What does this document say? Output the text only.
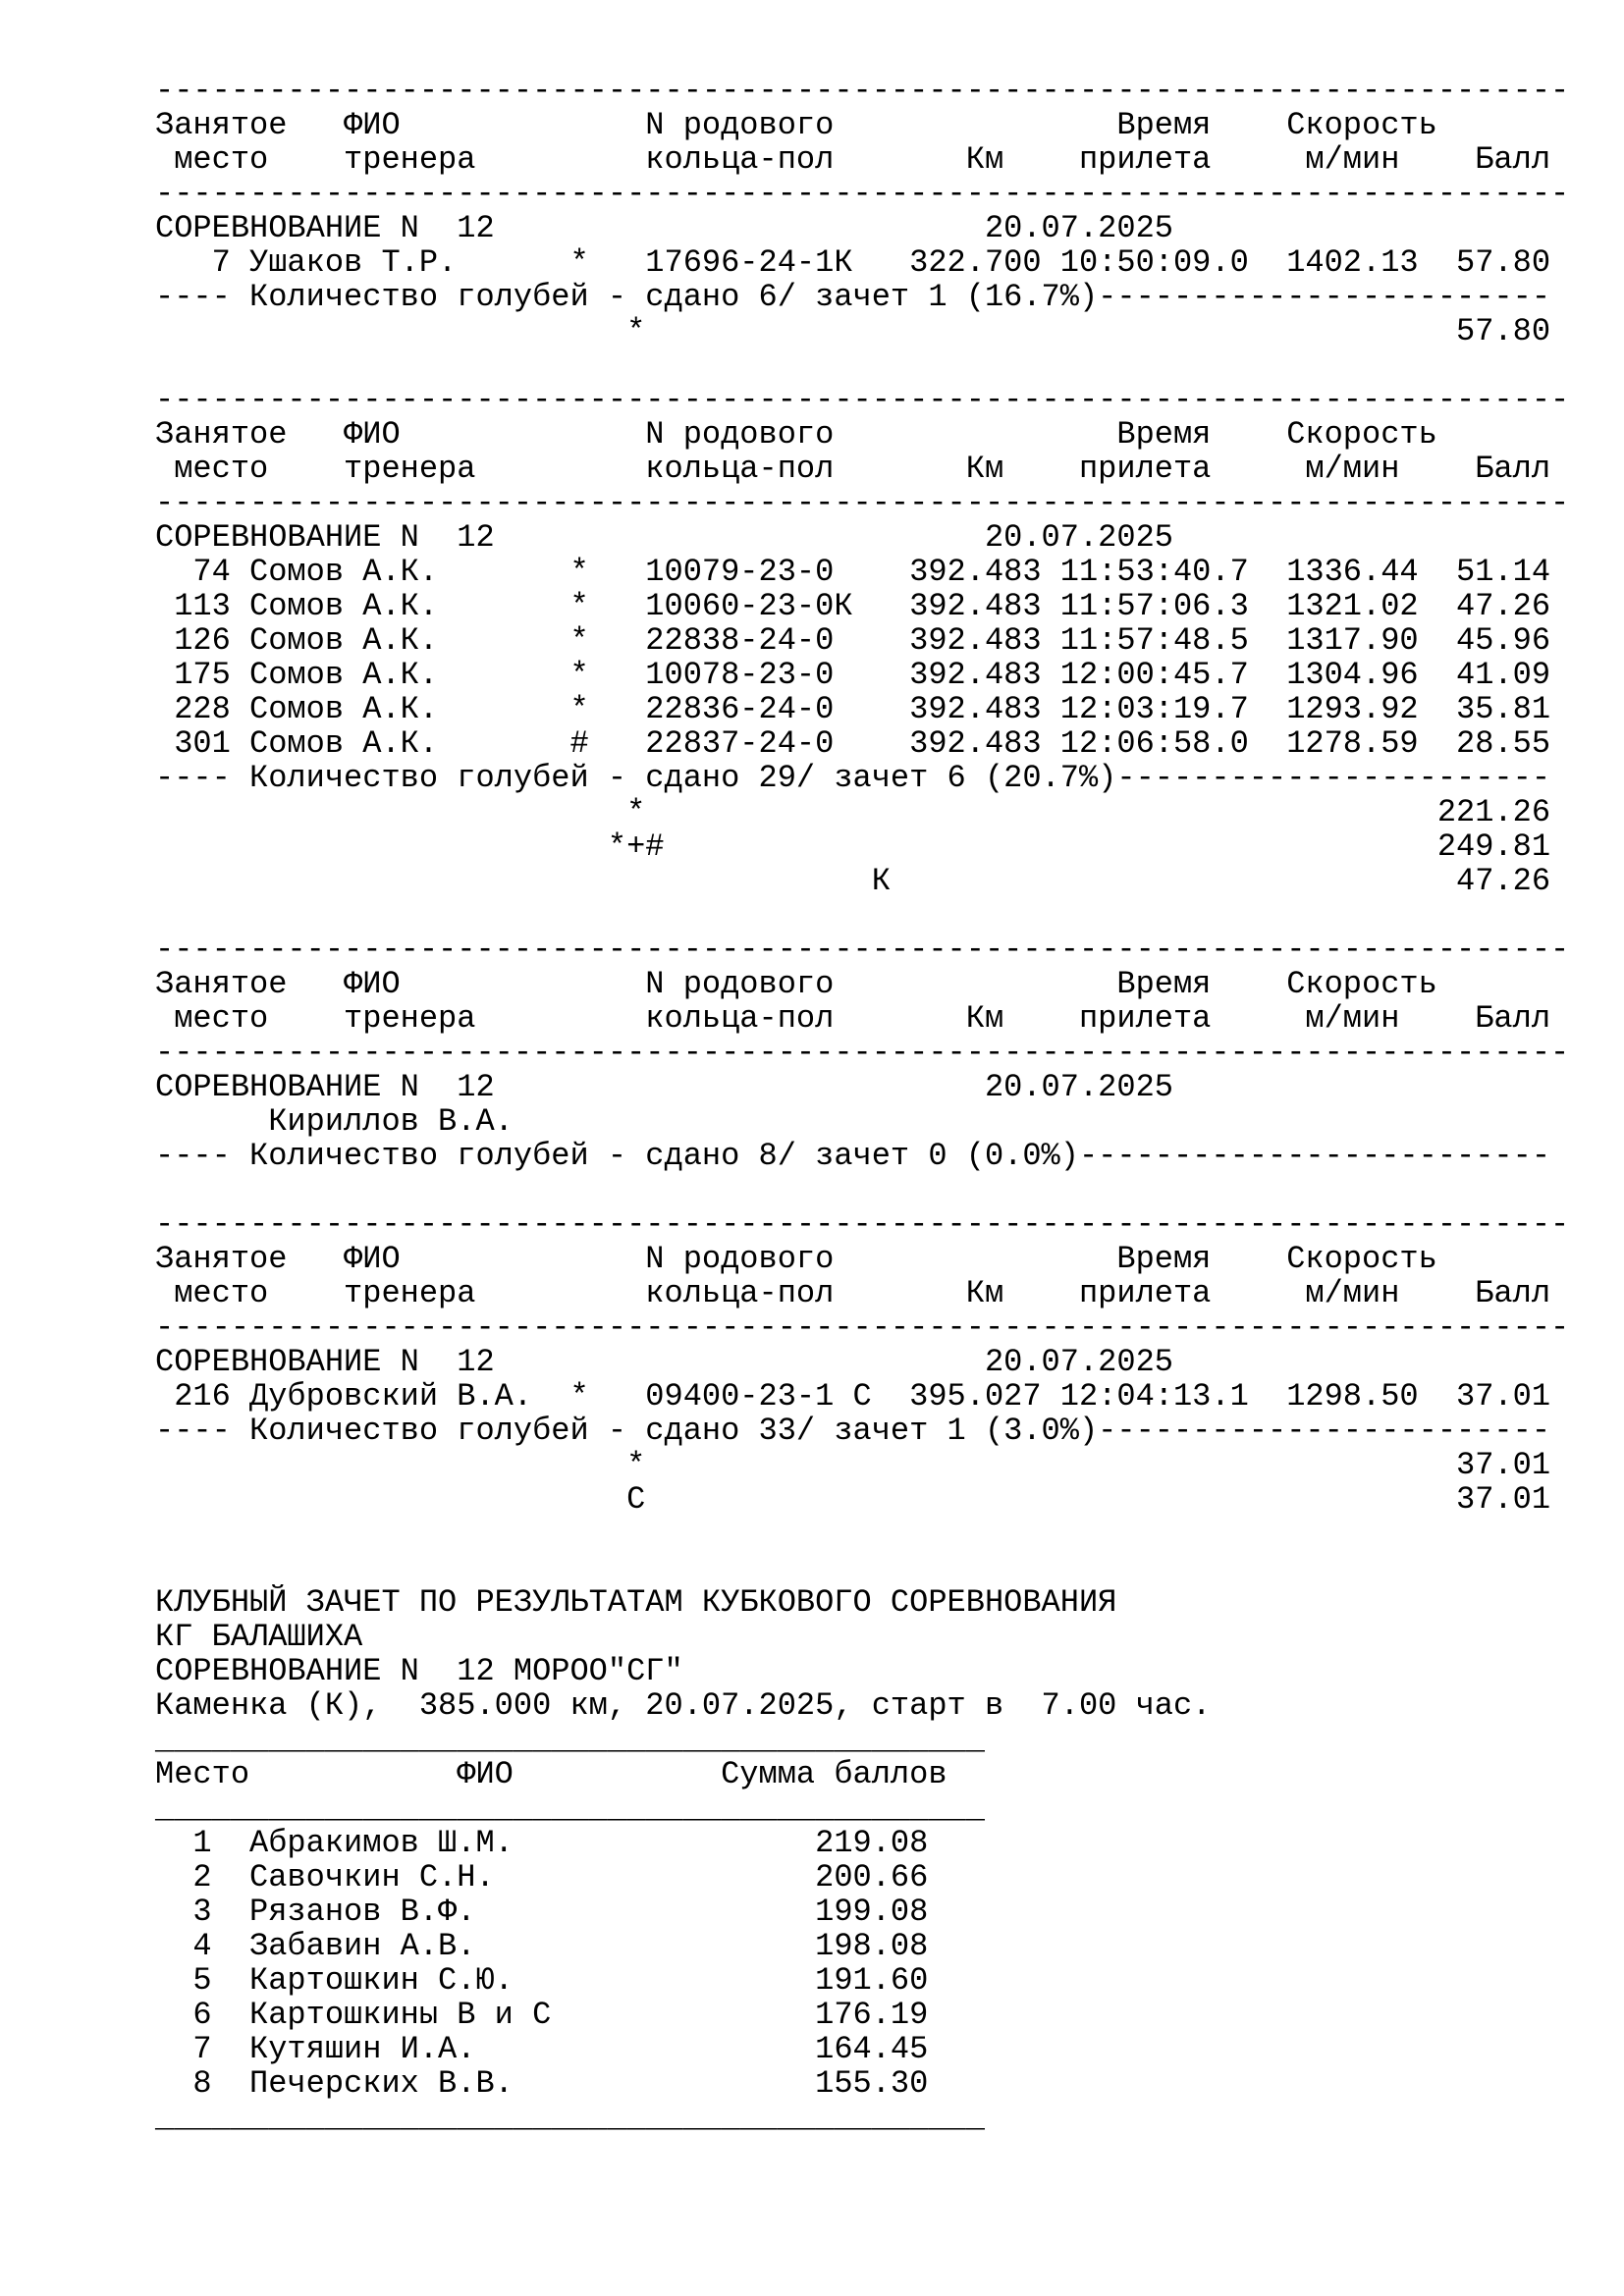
---------------------------------------------------------------------------
Занятое   ФИО             N родового               Время    Скорость
место    тренера         кольца-пол       Км    прилета     м/мин    Балл
---------------------------------------------------------------------------
СОРЕВНОВАНИЕ N  12                          20.07.2025
7 Ушаков Т.Р.      *   17696-24-1К   322.700 10:50:09.0  1402.13  57.80
---- Количество голубей - сдано 6/ зачет 1 (16.7%)------------------------
*                                           57.80

---------------------------------------------------------------------------
Занятое   ФИО             N родового               Время    Скорость
место    тренера         кольца-пол       Км    прилета     м/мин    Балл
---------------------------------------------------------------------------
СОРЕВНОВАНИЕ N  12                          20.07.2025
74 Сомов А.К.       *   10079-23-0    392.483 11:53:40.7  1336.44  51.14
113 Сомов А.К.       *   10060-23-0К   392.483 11:57:06.3  1321.02  47.26
126 Сомов А.К.       *   22838-24-0    392.483 11:57:48.5  1317.90  45.96
175 Сомов А.К.       *   10078-23-0    392.483 12:00:45.7  1304.96  41.09
228 Сомов А.К.       *   22836-24-0    392.483 12:03:19.7  1293.92  35.81
301 Сомов А.К.       #   22837-24-0    392.483 12:06:58.0  1278.59  28.55
---- Количество голубей - сдано 29/ зачет 6 (20.7%)-----------------------
*                                          221.26
*+#                                         249.81
К                              47.26

---------------------------------------------------------------------------
Занятое   ФИО             N родового               Время    Скорость
место    тренера         кольца-пол       Км    прилета     м/мин    Балл
---------------------------------------------------------------------------
СОРЕВНОВАНИЕ N  12                          20.07.2025
Кириллов В.А.
---- Количество голубей - сдано 8/ зачет 0 (0.0%)-------------------------

---------------------------------------------------------------------------
Занятое   ФИО             N родового               Время    Скорость
место    тренера         кольца-пол       Км    прилета     м/мин    Балл
---------------------------------------------------------------------------
СОРЕВНОВАНИЕ N  12                          20.07.2025
216 Дубровский В.А.  *   09400-23-1 С  395.027 12:04:13.1  1298.50  37.01
---- Количество голубей - сдано 33/ зачет 1 (3.0%)------------------------
*                                           37.01
С                                           37.01

КЛУБНЫЙ ЗАЧЕТ ПО РЕЗУЛЬТАТАМ КУБКОВОГО СОРЕВНОВАНИЯ
КГ БАЛАШИХА
СОРЕВНОВАНИЕ N  12 МОРОО"СГ"
Каменка (К),  385.000 км, 20.07.2025, старт в  7.00 час.
____________________________________________
Место           ФИО           Сумма баллов
____________________________________________
1  Абракимов Ш.М.                219.08
2  Савочкин С.Н.                 200.66
3  Рязанов В.Ф.                  199.08
4  Забавин А.В.                  198.08
5  Картошкин С.Ю.                191.60
6  Картошкины В и С              176.19
7  Кутяшин И.А.                  164.45
8  Печерских В.В.                155.30
____________________________________________
